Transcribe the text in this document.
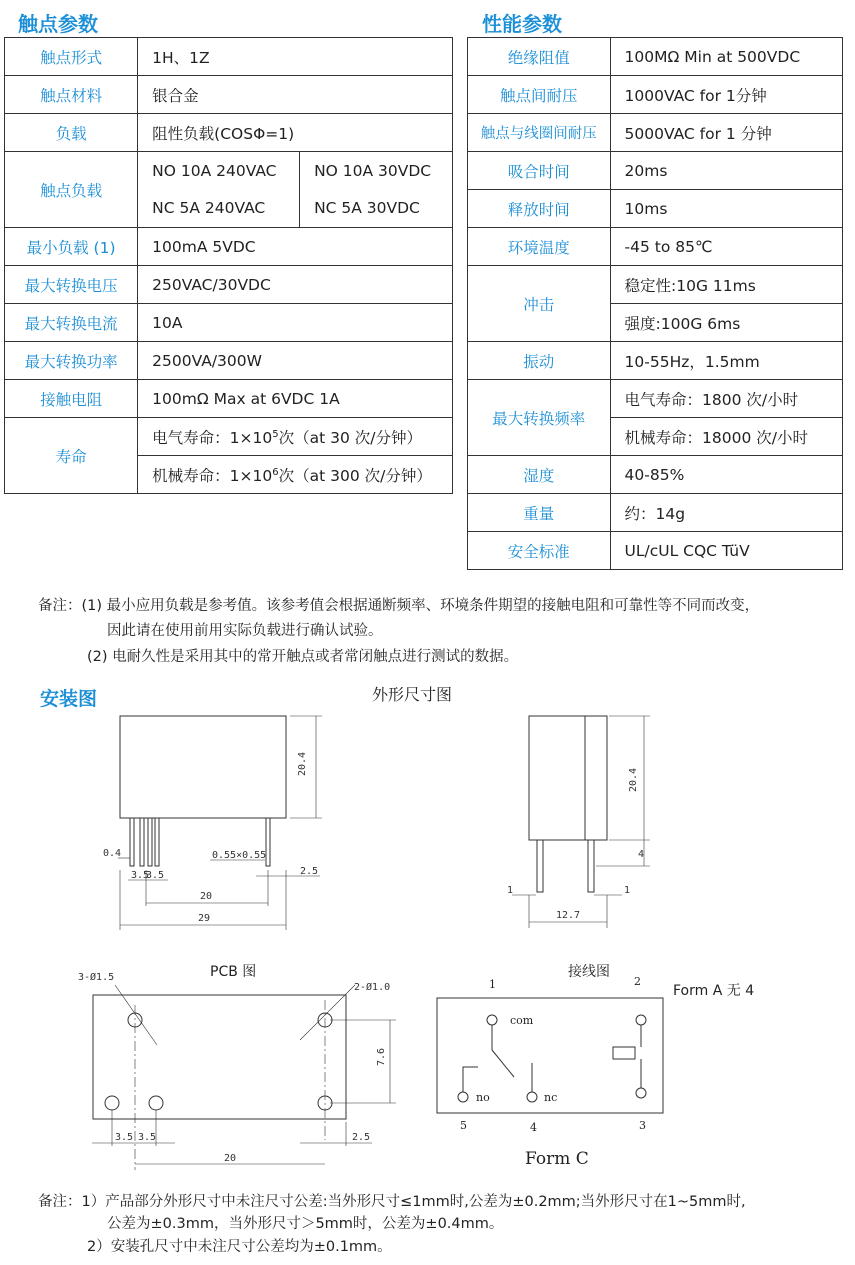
触点参数	性能参数
触点形式	1H、1Z	
触点材料	银合金	
负载	阻性负载(COSΦ=1)	
触点负载	NO 10A 240VAC	NO 10A 30VDC
	NC 5A 240VAC	NC 5A 30VDC
最小负载 (1)	100mA 5VDC	
最大转换电压	250VAC/30VDC	
最大转换电流	10A	
最大转换功率	2500VA/300W	
接触电阻	100mΩ Max at 6VDC 1A	
寿命	电气寿命：$1\times 10^5$次（at 30 次/分钟）	
	机械寿命：$1\times 10^6$次（at 300 次/分钟）	
绝缘阻值	100MΩ Min at 500VDC
触点间耐压	1000VAC for 1分钟
触点与线圈间耐压	5000VAC for 1 分钟
吸合时间	20ms
释放时间	10ms
环境温度	-45 to 85℃
冲击	稳定性:10G 11ms
	强度:100G 6ms
振动	10-55Hz，1.5mm
最大转换频率	电气寿命：1800 次/小时
	机械寿命：18000 次/小时
湿度	40-85%
重量	约：14g
安全标准	UL/cUL CQC TüV
备注：(1) 最小应用负载是参考值。该参考值会根据通断频率、环境条件期望的接触电阻和可靠性等不同而改变，
因此请在使用前用实际负载进行确认试验。
(2) 电耐久性是采用其中的常开触点或者常闭触点进行测试的数据。
安装图	外形尺寸图
20.4
0.4
3.5
3.5
0.55×0.55
2.5
20
29
20.4
4
1	1
12.7
PCB 图
3-Ø1.5
2-Ø1.0
7.6
3.5 3.5	2.5
20
接线图
Form A 无 4
com
no	nc
1	2
3
4
5
Form C
备注：1）产品部分外形尺寸中未注尺寸公差:当外形尺寸≤1mm时,公差为±0.2mm;当外形尺寸在1~5mm时,
公差为±0.3mm，当外形尺寸＞5mm时，公差为±0.4mm。
2）安装孔尺寸中未注尺寸公差均为±0.1mm。
